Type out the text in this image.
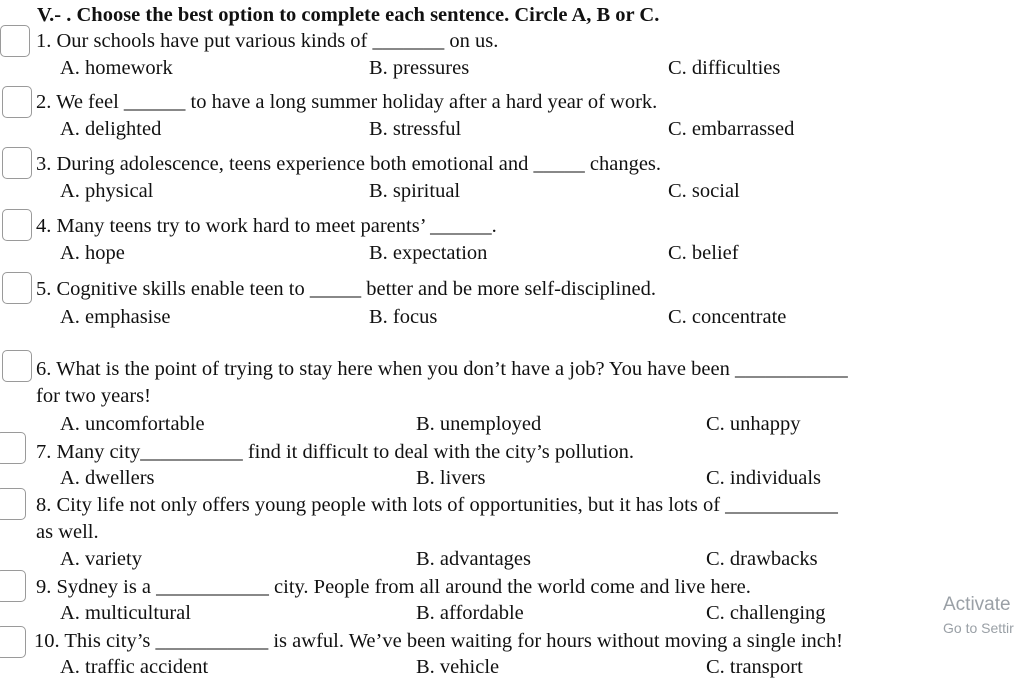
V.- . Choose the best option to complete each sentence. Circle A, B or C.
1. Our schools have put various kinds of _______ on us.
A. homework	B. pressures	C. difficulties
2. We feel ______ to have a long summer holiday after a hard year of work.
A. delighted	B. stressful	C. embarrassed
3. During adolescence, teens experience both emotional and _____ changes.
A. physical	B. spiritual	C. social
4. Many teens try to work hard to meet parents’ ______.
A. hope	B. expectation	C. belief
5. Cognitive skills enable teen to _____ better and be more self-disciplined.
A. emphasise	B. focus	C. concentrate
6. What is the point of trying to stay here when you don’t have a job? You have been ___________
for two years!
A. uncomfortable	B. unemployed	C. unhappy
7. Many city__________ find it difficult to deal with the city’s pollution.
A. dwellers	B. livers	C. individuals
8. City life not only offers young people with lots of opportunities, but it has lots of ___________
as well.
A. variety	B. advantages	C. drawbacks
9. Sydney is a ___________ city. People from all around the world come and live here.
A. multicultural	B. affordable	C. challenging
10. This city’s ___________ is awful. We’ve been waiting for hours without moving a single inch!
A. traffic accident	B. vehicle	C. transport
Activate
Go to Settir
